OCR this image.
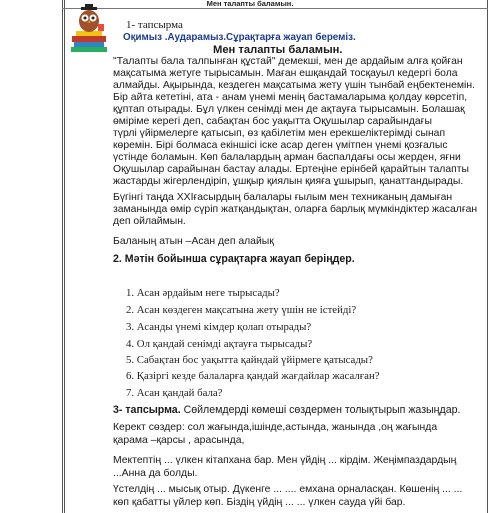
Мен талапты баламын.
1- тапсырма
Оқимыз .Аударамыз.Сұрақтарға жауап береміз.
Мен талапты баламын.
"Талапты бала талпынған құстай" демекші, мен де ардайым алға қойған
мақсатыма жетуге тырысамын. Маған ешқандай тосқауыл кедергі бола
алмайды. Ақырында, кездеген мақсатыма жету үшін тынбай еңбектенемін.
Бір айта кететіні, ата - анам үнемі менің бастамаларыма қолдау көрсетіп,
құптап отырады. Бұл үлкен сенімді мен де ақтауға тырысамын. Болашақ
өміріме керегі деп, сабақтан бос уақытта Оқушылар сарайындағы
түрлі үйірмелерге қатысып, өз қабілетім мен ерекшеліктерімді сынап
көремін. Бірі болмаса екіншісі іске асар деген үмітпен үнемі қозғалыс
үстінде боламын. Көп балалардың арман баспалдағы осы жерден, яғни
Оқушылар сарайынан бастау алады. Ертеңіне ерінбей қарайтын талапты
жастарды жігерлендіріп, ұшқыр қиялын қияға ұшырып, қанаттандырады.
Бүгінгі таңда XXIғасырдың балалары ғылым мен техниканың дамыған
заманында өмір сүріп жатқандықтан, оларға барлық мүмкіндіктер жасалған
деп ойлаймын.
Баланың атын –Асан деп алайық
2. Мәтін бойынша сұрақтарға жауап беріңдер.
1. Асан әрдайым неге тырысады?
2. Асан көздеген мақсатына жету үшін не істейді?
3. Асанды үнемі кімдер қолап отырады?
4. Ол қандай сенімді ақтауға тырысады?
5. Сабақтан бос уақытта қайндай үйірмеге қатысады?
6. Қазіргі кезде балаларға қандай жағдайлар жасалған?
7. Асан қандай бала?
3- тапсырма. Сөйлемдерді көмеші сөздермен толықтырып жазыңдар.
Керект сөздер: сол жағында,ішінде,астында, жанында ,оң жағында
қарама –қарсы , арасында,
Мектептің ... үлкен кітапхана бар. Мен үйдің ... кірдім. Жеңімпаздардың
...Анна да болды.
Үстелдің ... мысық отыр. Дүкенге ... .... емхана орналасқан. Көшенің ... ...
көп қабатты үйлер көп. Біздің үйдің ... ... үлкен сауда үйі бар.
